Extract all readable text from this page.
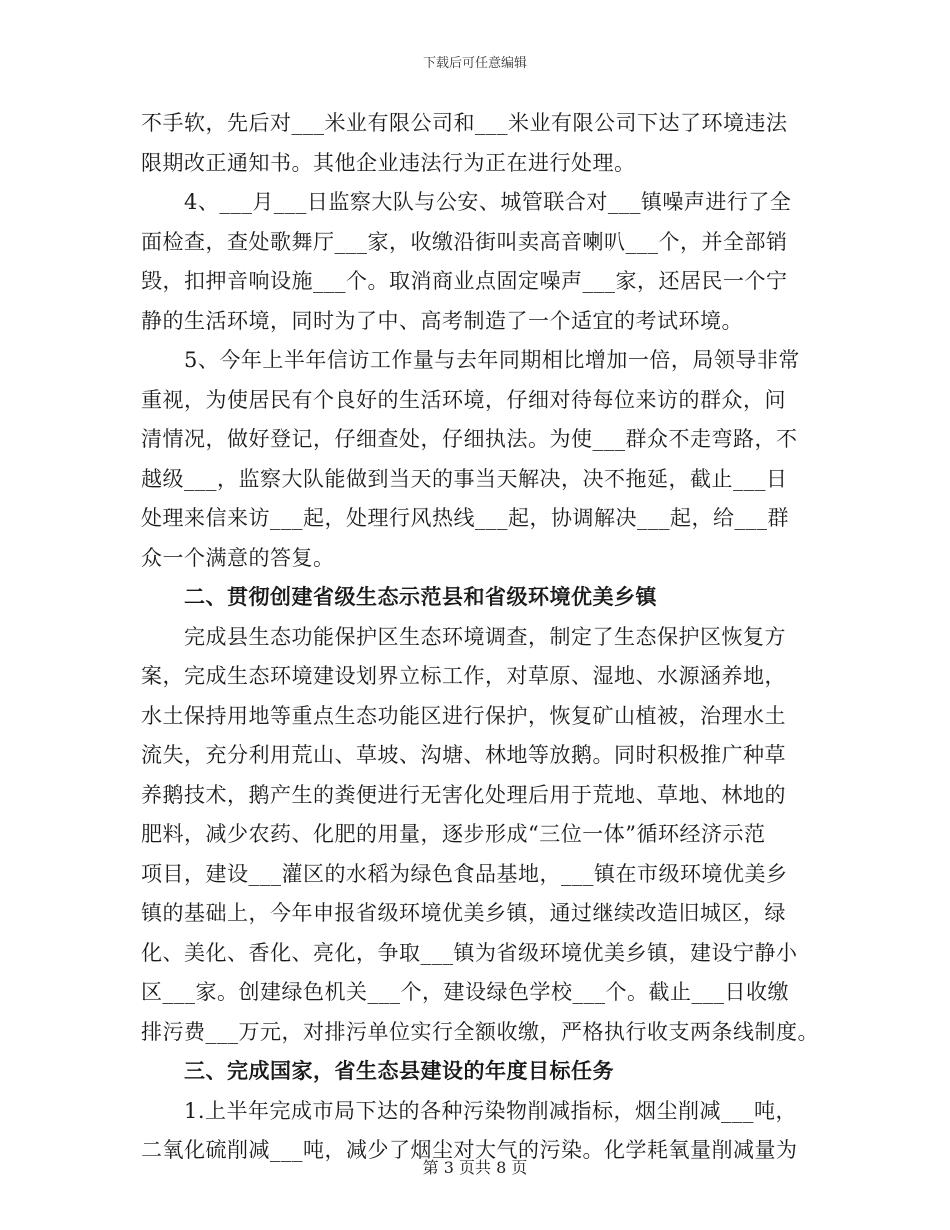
下载后可任意编辑
不手软，先后对___米业有限公司和___米业有限公司下达了环境违法
限期改正通知书。其他企业违法行为正在进行处理。
4、___月___日监察大队与公安、城管联合对___镇噪声进行了全
面检查，查处歌舞厅___家，收缴沿街叫卖高音喇叭___个，并全部销
毁，扣押音响设施___个。取消商业点固定噪声___家，还居民一个宁
静的生活环境，同时为了中、高考制造了一个适宜的考试环境。
5、今年上半年信访工作量与去年同期相比增加一倍，局领导非常
重视，为使居民有个良好的生活环境，仔细对待每位来访的群众，问
清情况，做好登记，仔细查处，仔细执法。为使___群众不走弯路，不
越级___，监察大队能做到当天的事当天解决，决不拖延，截止___日
处理来信来访___起，处理行风热线___起，协调解决___起，给___群
众一个满意的答复。
二、贯彻创建省级生态示范县和省级环境优美乡镇
完成县生态功能保护区生态环境调查，制定了生态保护区恢复方
案，完成生态环境建设划界立标工作，对草原、湿地、水源涵养地，
水土保持用地等重点生态功能区进行保护，恢复矿山植被，治理水土
流失，充分利用荒山、草坡、沟塘、林地等放鹅。同时积极推广种草
养鹅技术，鹅产生的粪便进行无害化处理后用于荒地、草地、林地的
肥料，减少农药、化肥的用量，逐步形成“三位一体”循环经济示范
项目，建设___灌区的水稻为绿色食品基地，___镇在市级环境优美乡
镇的基础上，今年申报省级环境优美乡镇，通过继续改造旧城区，绿
化、美化、香化、亮化，争取___镇为省级环境优美乡镇，建设宁静小
区___家。创建绿色机关___个，建设绿色学校___个。截止___日收缴
排污费___万元，对排污单位实行全额收缴，严格执行收支两条线制度。
三、完成国家，省生态县建设的年度目标任务
1.上半年完成市局下达的各种污染物削减指标，烟尘削减___吨，
二氧化硫削减___吨，减少了烟尘对大气的污染。化学耗氧量削减量为
第 3 页共 8 页
